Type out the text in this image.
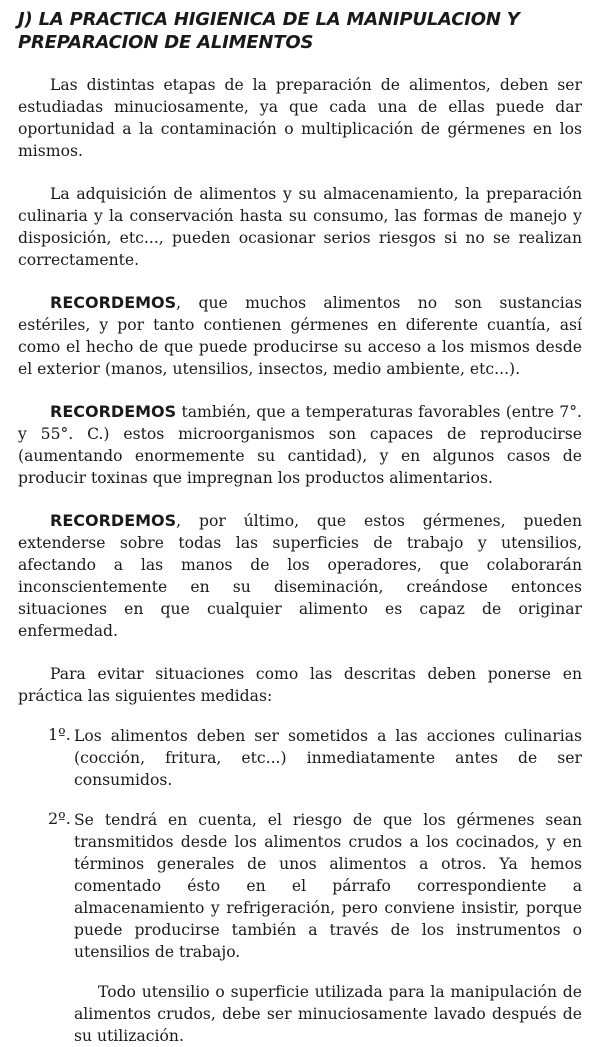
J) LA PRACTICA HIGIENICA DE LA MANIPULACION Y
PREPARACION DE ALIMENTOS

Las distintas etapas de la preparación de alimentos, deben ser estudiadas minuciosamente, ya que cada una de ellas puede dar oportunidad a la contaminación o multiplicación de gérmenes en los mismos.

La adquisición de alimentos y su almacenamiento, la preparación culinaria y la conservación hasta su consumo, las formas de manejo y disposición, etc..., pueden ocasionar serios riesgos si no se realizan correctamente.

RECORDEMOS, que muchos alimentos no son sustancias estériles, y por tanto contienen gérmenes en diferente cuantía, así como el hecho de que puede producirse su acceso a los mismos desde el exterior (manos, utensilios, insectos, medio ambiente, etc...).

RECORDEMOS también, que a temperaturas favorables (entre 7°. y 55°. C.) estos microorganismos son capaces de reproducirse (aumentando enormemente su cantidad), y en algunos casos de producir toxinas que impregnan los productos alimentarios.

RECORDEMOS, por último, que estos gérmenes, pueden extenderse sobre todas las superficies de trabajo y utensilios, afectando a las manos de los operadores, que colaborarán inconscientemente en su diseminación, creándose entonces situaciones en que cualquier alimento es capaz de originar enfermedad.

Para evitar situaciones como las descritas deben ponerse en práctica las siguientes medidas:

1º. Los alimentos deben ser sometidos a las acciones culinarias (cocción, fritura, etc...) inmediatamente antes de ser consumidos.

2º. Se tendrá en cuenta, el riesgo de que los gérmenes sean transmitidos desde los alimentos crudos a los cocinados, y en términos generales de unos alimentos a otros. Ya hemos comentado ésto en el párrafo correspondiente a almacenamiento y refrigeración, pero conviene insistir, porque puede producirse también a través de los instrumentos o utensilios de trabajo.

Todo utensilio o superficie utilizada para la manipulación de alimentos crudos, debe ser minuciosamente lavado después de su utilización.
